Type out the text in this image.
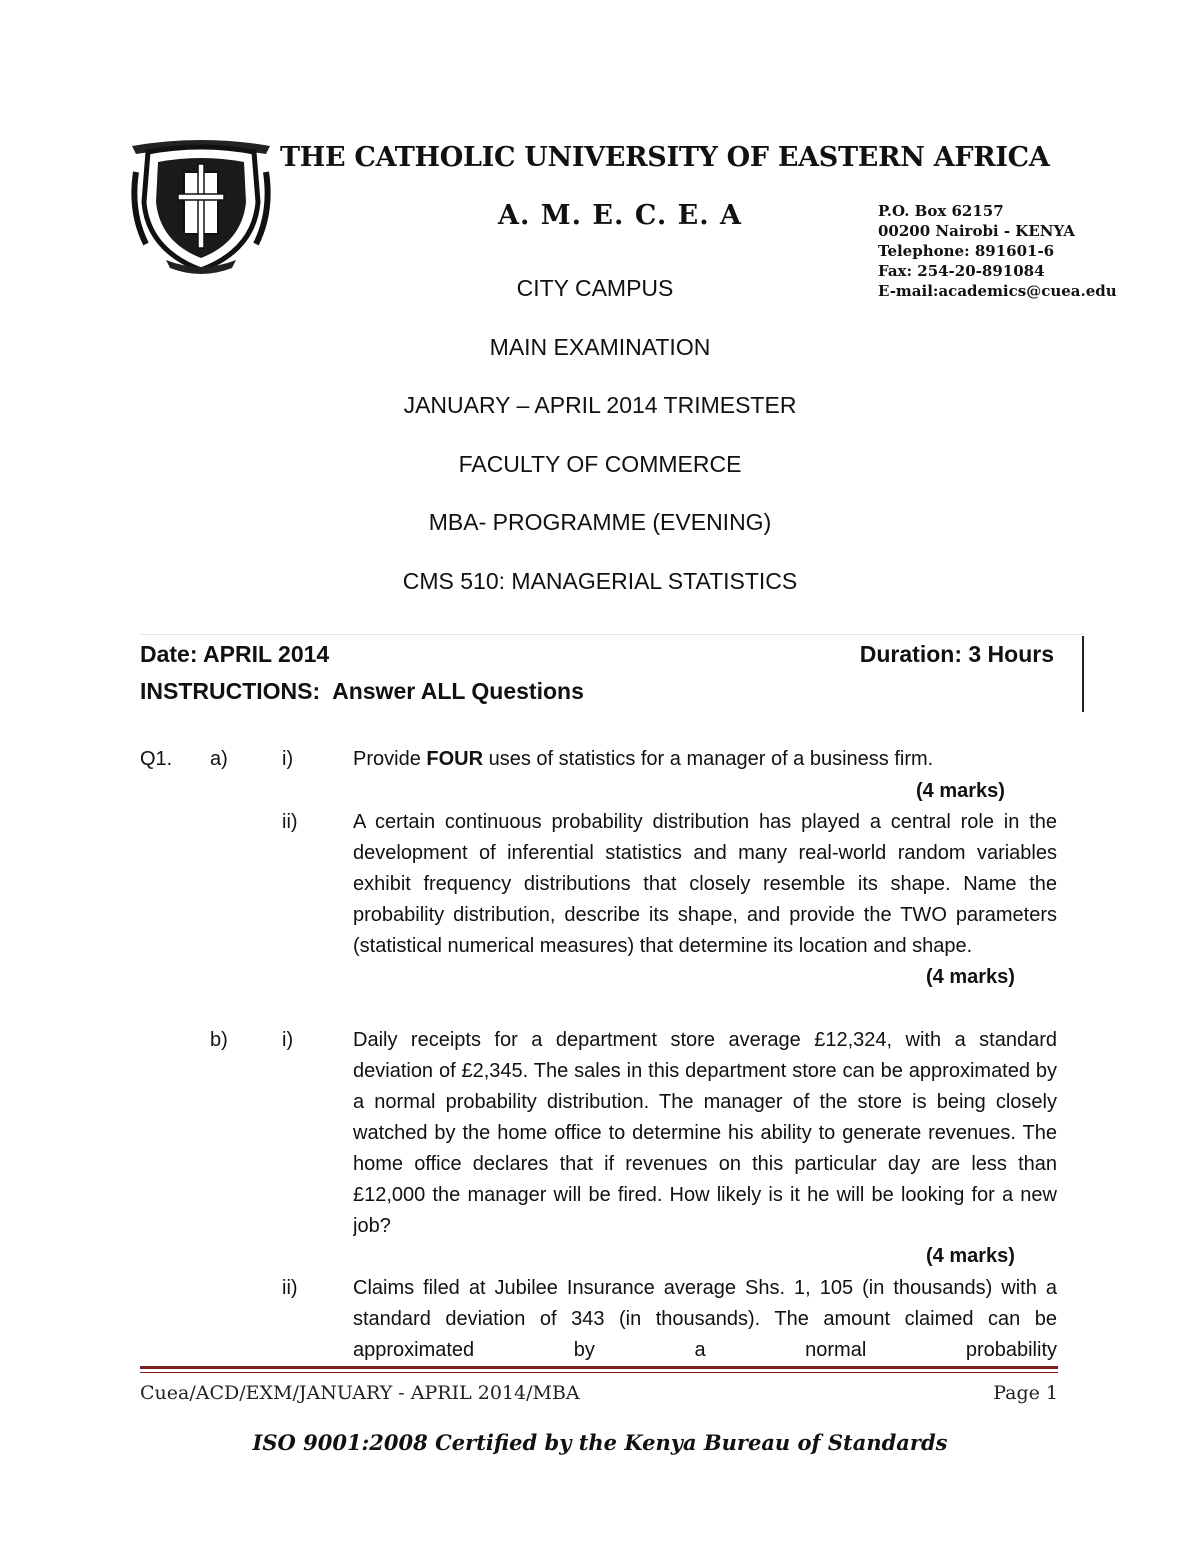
THE CATHOLIC UNIVERSITY OF EASTERN AFRICA
A. M. E. C. E. A	P.O. Box 62157
00200 Nairobi - KENYA
Telephone: 891601-6
Fax: 254-20-891084
E-mail:academics@cuea.edu
CITY CAMPUS
MAIN EXAMINATION
JANUARY – APRIL 2014 TRIMESTER
FACULTY OF COMMERCE
MBA- PROGRAMME (EVENING)
CMS 510: MANAGERIAL STATISTICS
Date: APRIL 2014	Duration: 3 Hours
INSTRUCTIONS: Answer ALL Questions
Q1. a)	i)	Provide FOUR uses of statistics for a manager of a business firm.
(4 marks)
ii)	A certain continuous probability distribution has played a central role in the development of inferential statistics and many real-world random variables exhibit frequency distributions that closely resemble its shape. Name the probability distribution, describe its shape, and provide the TWO parameters (statistical numerical measures) that determine its location and shape.
(4 marks)
b)	i)	Daily receipts for a department store average £12,324, with a standard deviation of £2,345. The sales in this department store can be approximated by a normal probability distribution. The manager of the store is being closely watched by the home office to determine his ability to generate revenues. The home office declares that if revenues on this particular day are less than £12,000 the manager will be fired. How likely is it he will be looking for a new job?
(4 marks)
ii)	Claims filed at Jubilee Insurance average Shs. 1, 105 (in thousands) with a standard deviation of 343 (in thousands). The amount claimed can be approximated by a normal probability
Cuea/ACD/EXM/JANUARY - APRIL 2014/MBA	Page 1
ISO 9001:2008 Certified by the Kenya Bureau of Standards
